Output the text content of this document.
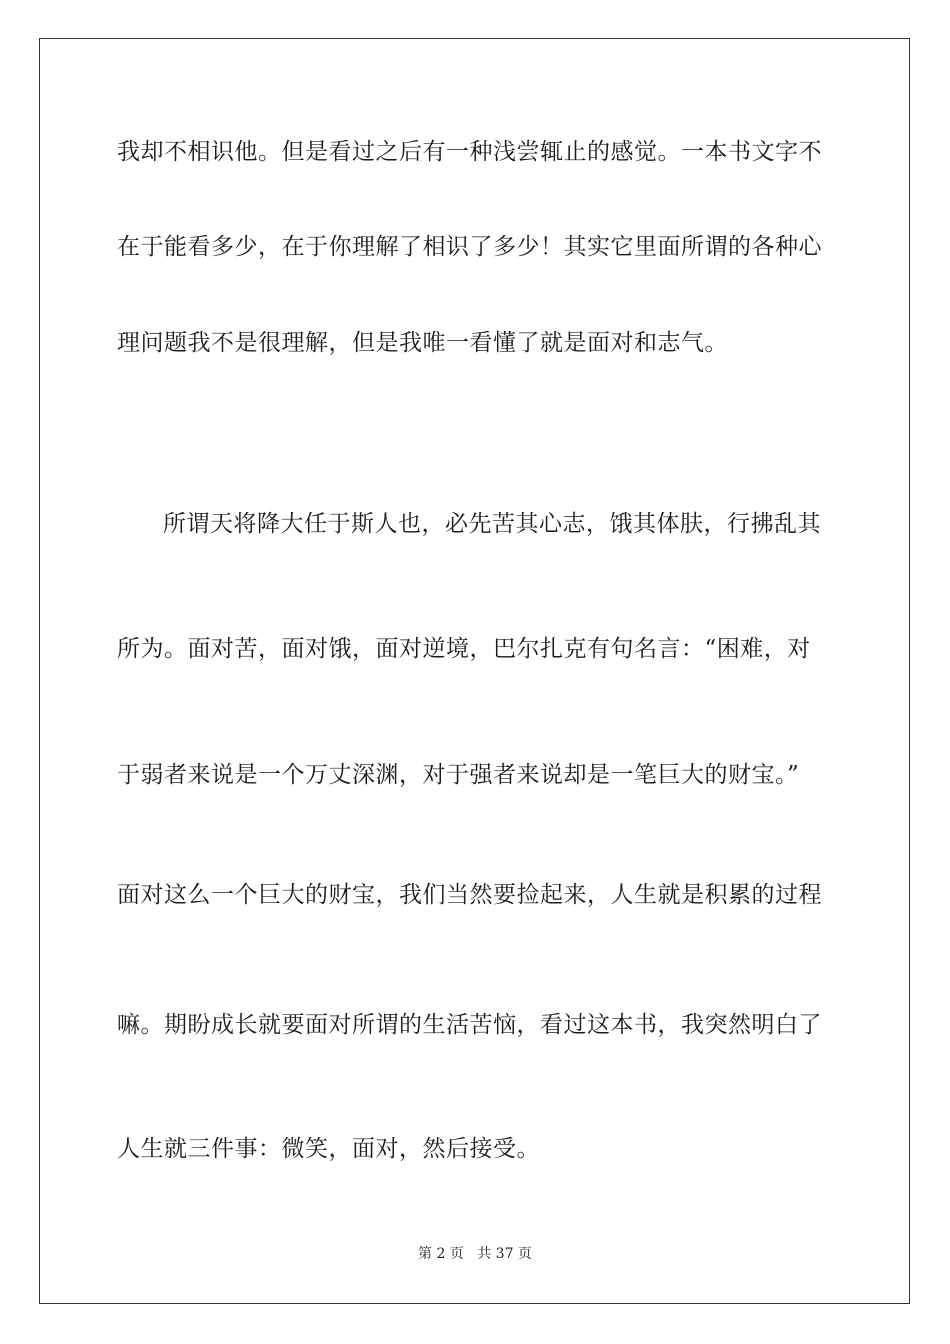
我却不相识他。但是看过之后有一种浅尝辄止的感觉。一本书文字不
在于能看多少，在于你理解了相识了多少！其实它里面所谓的各种心
理问题我不是很理解，但是我唯一看懂了就是面对和志气。
所谓天将降大任于斯人也，必先苦其心志，饿其体肤，行拂乱其
所为。面对苦，面对饿，面对逆境，巴尔扎克有句名言：“困难，对
于弱者来说是一个万丈深渊，对于强者来说却是一笔巨大的财宝。”
面对这么一个巨大的财宝，我们当然要捡起来，人生就是积累的过程
嘛。期盼成长就要面对所谓的生活苦恼，看过这本书，我突然明白了
人生就三件事：微笑，面对，然后接受。
第 2 页 共 37 页
